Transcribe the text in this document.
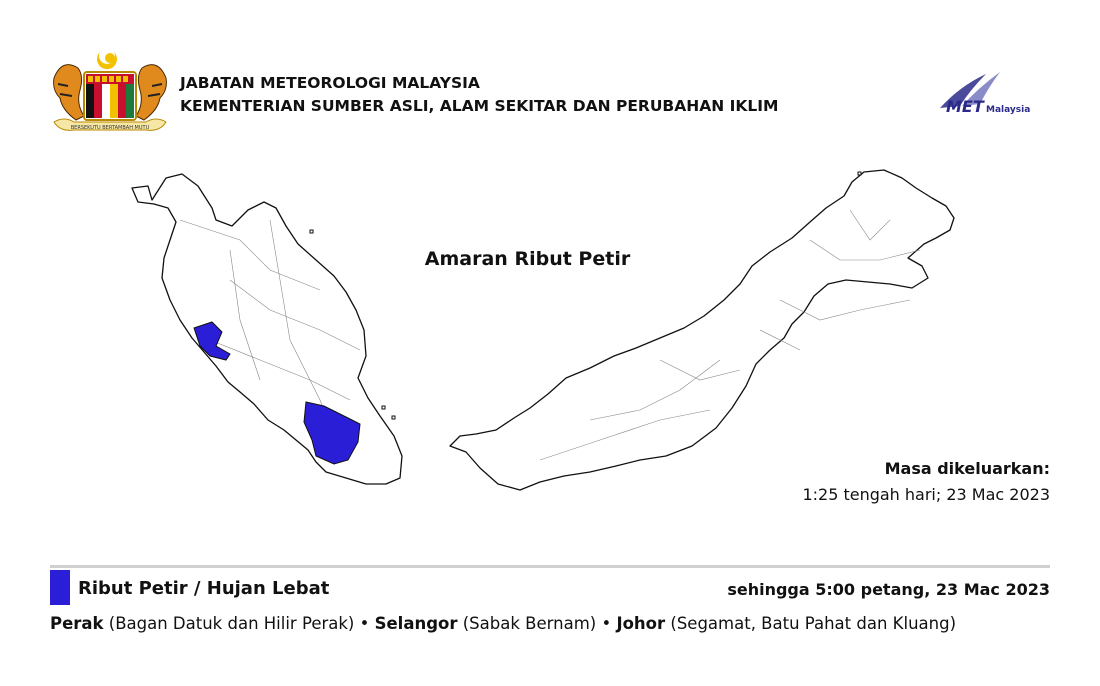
BERSEKUTU BERTAMBAH MUTU
JABATAN METEOROLOGI MALAYSIA
KEMENTERIAN SUMBER ASLI, ALAM SEKITAR DAN PERUBAHAN IKLIM	MET Malaysia
Amaran Ribut Petir
Masa dikeluarkan:
1:25 tengah hari; 23 Mac 2023
Ribut Petir / Hujan Lebat	sehingga 5:00 petang, 23 Mac 2023
Perak (Bagan Datuk dan Hilir Perak) • Selangor (Sabak Bernam) • Johor (Segamat, Batu Pahat dan Kluang)
